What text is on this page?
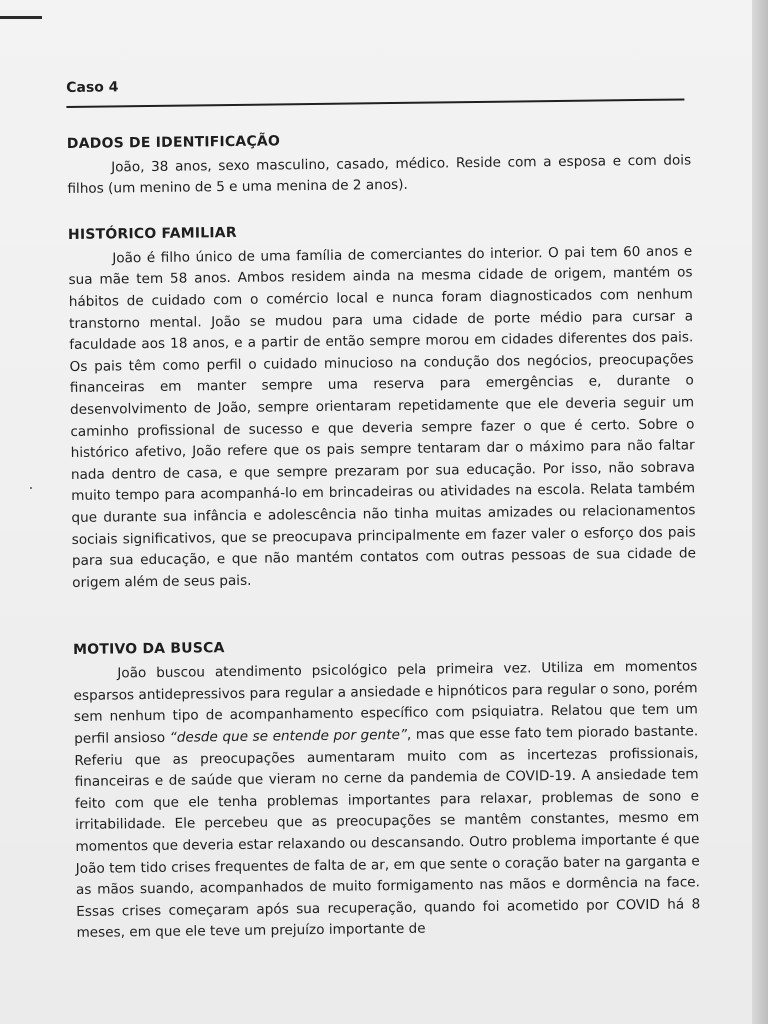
Caso 4
DADOS DE IDENTIFICAÇÃO

João, 38 anos, sexo masculino, casado, médico. Reside com a esposa e com dois filhos (um menino de 5 e uma menina de 2 anos).

HISTÓRICO FAMILIAR

João é filho único de uma família de comerciantes do interior. O pai tem 60 anos e sua mãe tem 58 anos. Ambos residem ainda na mesma cidade de origem, mantém os hábitos de cuidado com o comércio local e nunca foram diagnosticados com nenhum transtorno mental. João se mudou para uma cidade de porte médio para cursar a faculdade aos 18 anos, e a partir de então sempre morou em cidades diferentes dos pais. Os pais têm como perfil o cuidado minucioso na condução dos negócios, preocupações financeiras em manter sempre uma reserva para emergências e, durante o desenvolvimento de João, sempre orientaram repetidamente que ele deveria seguir um caminho profissional de sucesso e que deveria sempre fazer o que é certo. Sobre o histórico afetivo, João refere que os pais sempre tentaram dar o máximo para não faltar nada dentro de casa, e que sempre prezaram por sua educação. Por isso, não sobrava muito tempo para acompanhá-lo em brincadeiras ou atividades na escola. Relata também que durante sua infância e adolescência não tinha muitas amizades ou relacionamentos sociais significativos, que se preocupava principalmente em fazer valer o esforço dos pais para sua educação, e que não mantém contatos com outras pessoas de sua cidade de origem além de seus pais.

MOTIVO DA BUSCA

João buscou atendimento psicológico pela primeira vez. Utiliza em momentos esparsos antidepressivos para regular a ansiedade e hipnóticos para regular o sono, porém sem nenhum tipo de acompanhamento específico com psiquiatra. Relatou que tem um perfil ansioso “desde que se entende por gente”, mas que esse fato tem piorado bastante. Referiu que as preocupações aumentaram muito com as incertezas profissionais, financeiras e de saúde que vieram no cerne da pandemia de COVID-19. A ansiedade tem feito com que ele tenha problemas importantes para relaxar, problemas de sono e irritabilidade. Ele percebeu que as preocupações se mantêm constantes, mesmo em momentos que deveria estar relaxando ou descansando. Outro problema importante é que João tem tido crises frequentes de falta de ar, em que sente o coração bater na garganta e as mãos suando, acompanhados de muito formigamento nas mãos e dormência na face. Essas crises começaram após sua recuperação, quando foi acometido por COVID há 8 meses, em que ele teve um prejuízo importante de
